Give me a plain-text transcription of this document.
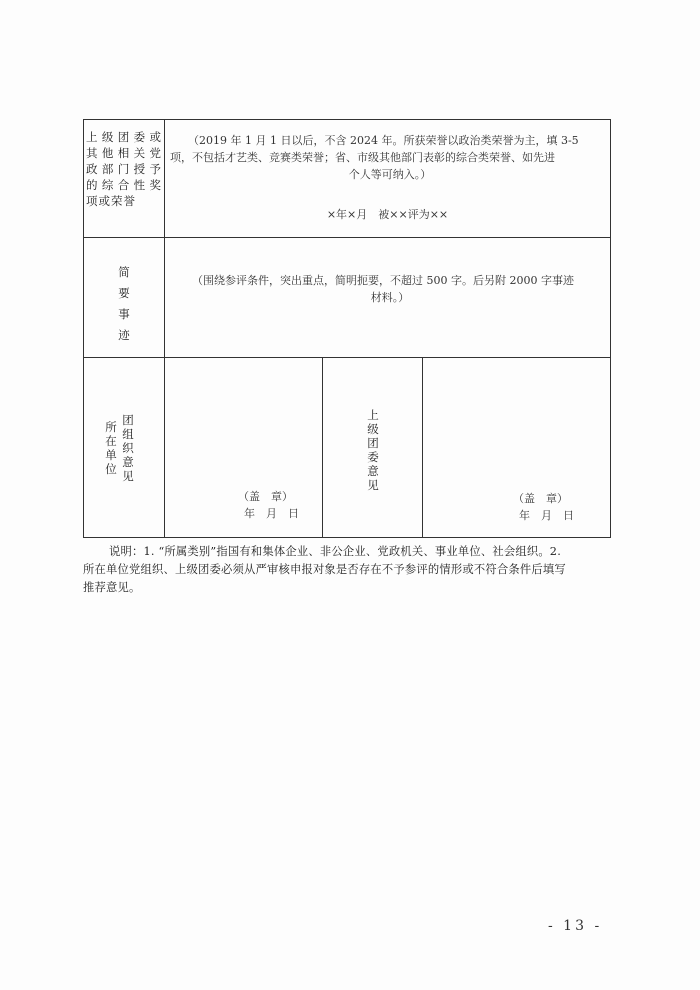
上级团委或
其他相关党
政部门授予
的综合性奖
项或荣誉
（2019 年 1 月 1 日以后，不含 2024 年。所获荣誉以政治类荣誉为主，填 3-5
项，不包括才艺类、竞赛类荣誉；省、市级其他部门表彰的综合类荣誉、如先进
个人等可纳入。）
×年×月　被××评为××
简
要
事
迹
（围绕参评条件，突出重点，简明扼要，不超过 500 字。后另附 2000 字事迹
材料。）
所
在
单
位
团
组
织
意
见
（盖　章）
年　月　日
上
级
团
委
意
见
（盖　章）
年　月　日
说明：1. “所属类别”指国有和集体企业、非公企业、党政机关、事业单位、社会组织。2.
所在单位党组织、上级团委必须从严审核申报对象是否存在不予参评的情形或不符合条件后填写
推荐意见。
- 13 -
